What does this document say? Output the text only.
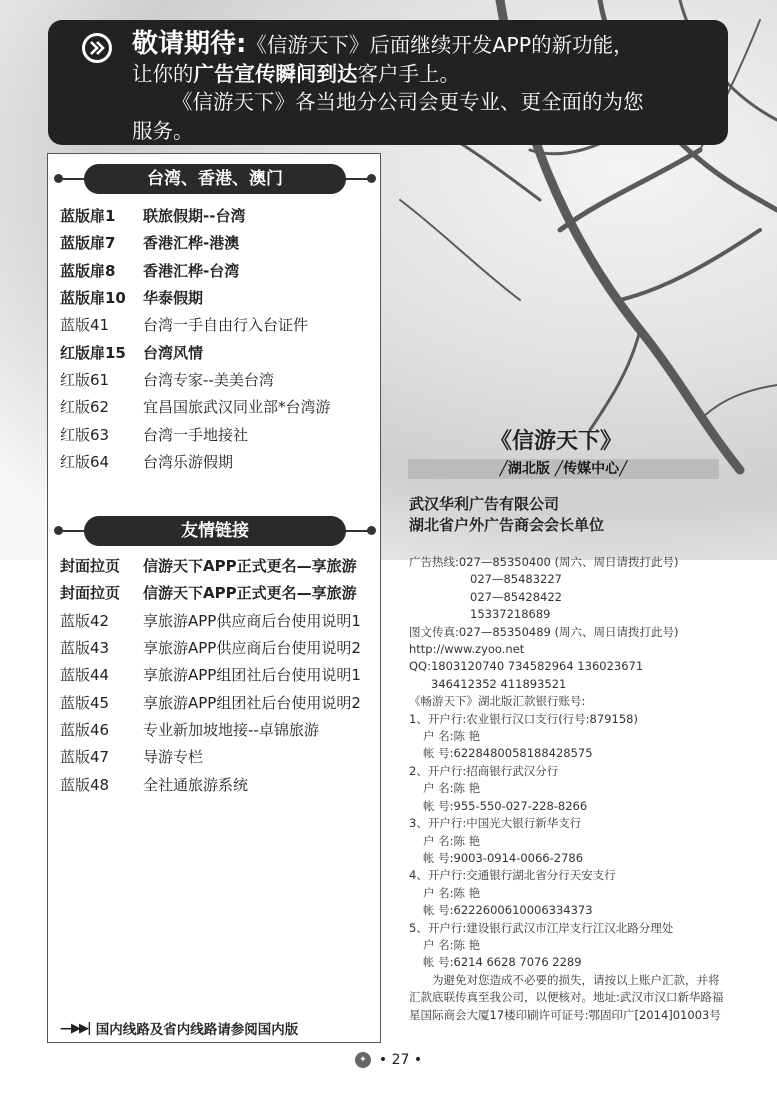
敬请期待:《信游天下》后面继续开发APP的新功能，
让你的广告宣传瞬间到达客户手上。
《信游天下》各当地分公司会更专业、更全面的为您
服务。
台湾、香港、澳门
蓝版扉1	联旅假期--台湾
蓝版扉7	香港汇桦-港澳
蓝版扉8	香港汇桦-台湾
蓝版扉10	华泰假期
蓝版41	台湾一手自由行入台证件
红版扉15	台湾风情
红版61	台湾专家--美美台湾
红版62	宜昌国旅武汉同业部*台湾游
红版63	台湾一手地接社
红版64	台湾乐游假期
友情链接
封面拉页	信游天下APP正式更名—享旅游
封面拉页	信游天下APP正式更名—享旅游
蓝版42	享旅游APP供应商后台使用说明1
蓝版43	享旅游APP供应商后台使用说明2
蓝版44	享旅游APP组团社后台使用说明1
蓝版45	享旅游APP组团社后台使用说明2
蓝版46	专业新加坡地接--卓锦旅游
蓝版47	导游专栏
蓝版48	全社通旅游系统
—▶▶| 国内线路及省内线路请参阅国内版
《信游天下》
╱湖北版 ╱传媒中心╱
武汉华利广告有限公司
湖北省户外广告商会会长单位
广告热线:027—85350400 (周六、周日请拨打此号)
027—85483227
027—85428422
15337218689
图文传真:027—85350489 (周六、周日请拨打此号)
http://www.zyoo.net
QQ:1803120740 734582964 136023671
346412352 411893521
《畅游天下》湖北版汇款银行账号:
1、开户行:农业银行汉口支行(行号:879158)
户 名:陈 艳
帐 号:6228480058188428575
2、开户行:招商银行武汉分行
户 名:陈 艳
帐 号:955-550-027-228-8266
3、开户行:中国光大银行新华支行
户 名:陈 艳
帐 号:9003-0914-0066-2786
4、开户行:交通银行湖北省分行天安支行
户 名:陈 艳
帐 号:6222600610006334373
5、开户行:建设银行武汉市江岸支行江汉北路分理处
户 名:陈 艳
帐 号:6214 6628 7076 2289
为避免对您造成不必要的损失，请按以上账户汇款，并将汇款底联传真至我公司，以便核对。地址:武汉市汉口新华路福星国际商会大厦17楼印刷许可证号:鄂固印广[2014]01003号
✦ • 27 •
